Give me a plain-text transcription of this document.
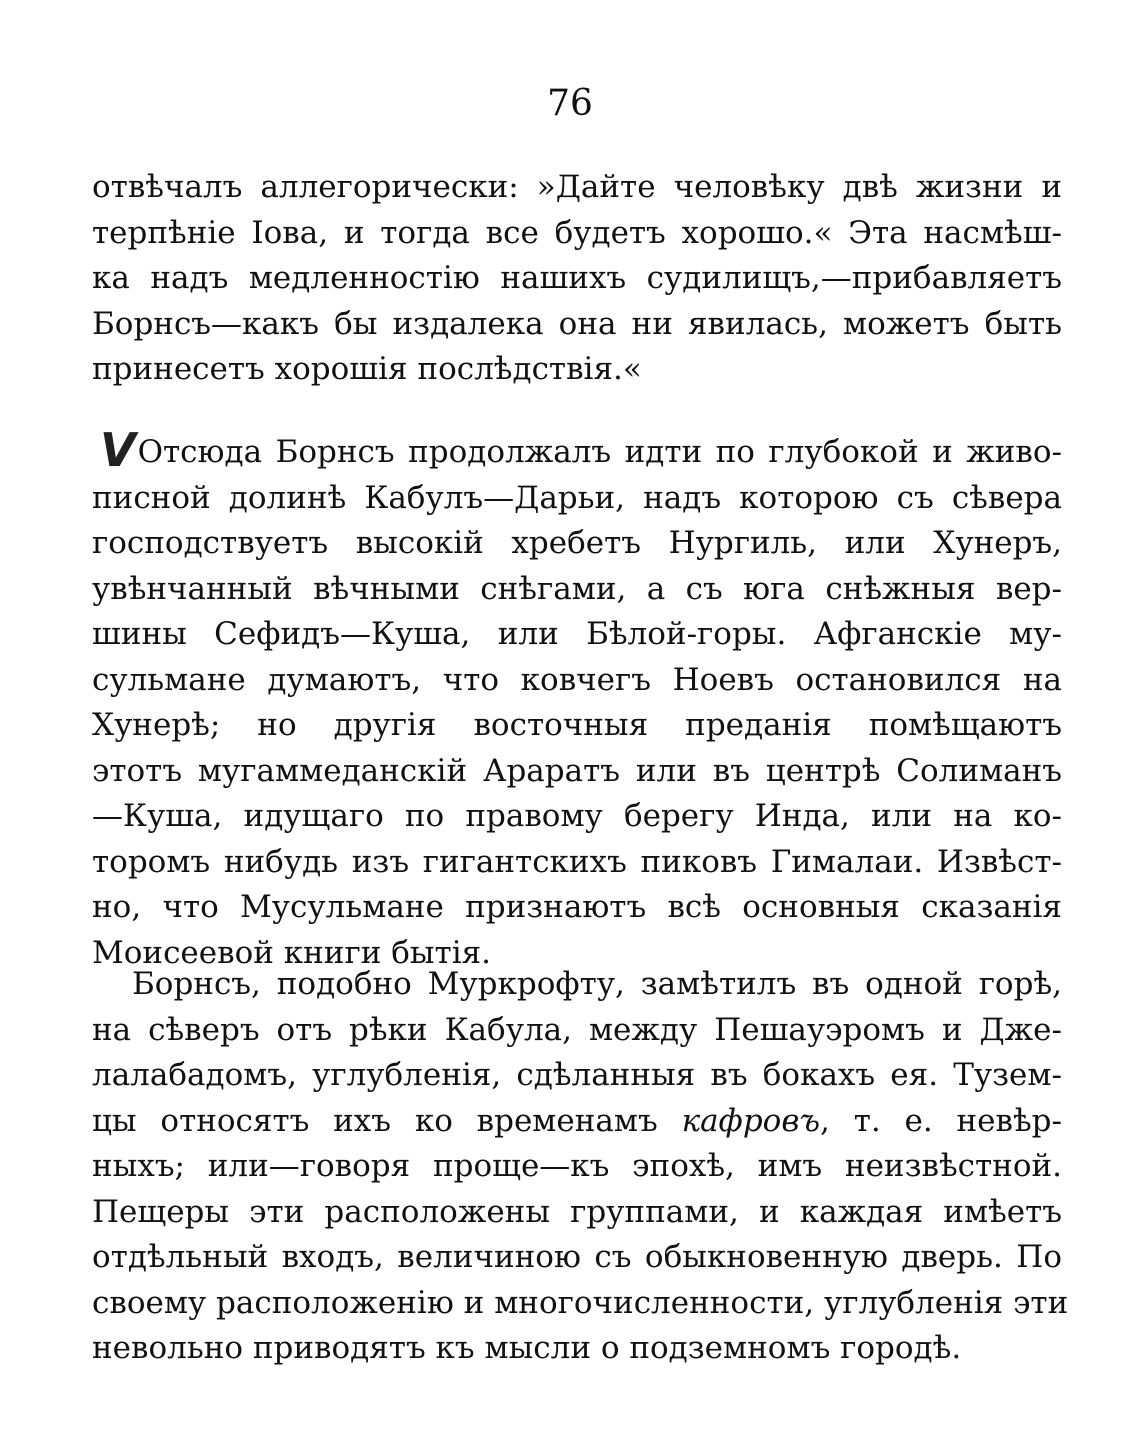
76
отвѣчалъ аллегорически: »Дайте человѣку двѣ жизни и
терпѣніе Іова, и тогда все будетъ хорошо.« Эта насмѣш-
ка надъ медленностію нашихъ судилищъ,—прибавляетъ
Борнсъ—какъ бы издалека она ни явилась, можетъ быть
принесетъ хорошія послѣдствія.«
VОтсюда Борнсъ продолжалъ идти по глубокой и живо-
писной долинѣ Кабулъ—Дарьи, надъ которою съ сѣвера
господствуетъ высокій хребетъ Нургиль, или Хунеръ,
увѣнчанный вѣчными снѣгами, а съ юга снѣжныя вер-
шины Сефидъ—Куша, или Бѣлой-горы. Афганскіе му-
сульмане думаютъ, что ковчегъ Ноевъ остановился на
Хунерѣ; но другія восточныя преданія помѣщаютъ
этотъ мугаммеданскій Араратъ или въ центрѣ Солиманъ
—Куша, идущаго по правому берегу Инда, или на ко-
торомъ нибудь изъ гигантскихъ пиковъ Гималаи. Извѣст-
но, что Мусульмане признаютъ всѣ основныя сказанія
Моисеевой книги бытія.
Борнсъ, подобно Муркрофту, замѣтилъ въ одной горѣ,
на сѣверъ отъ рѣки Кабула, между Пешауэромъ и Дже-
лалабадомъ, углубленія, сдѣланныя въ бокахъ ея. Тузем-
цы относятъ ихъ ко временамъ кафровъ, т. е. невѣр-
ныхъ; или—говоря проще—къ эпохѣ, имъ неизвѣстной.
Пещеры эти расположены группами, и каждая имѣетъ
отдѣльный входъ, величиною съ обыкновенную дверь. По
своему расположенію и многочисленности, углубленія эти
невольно приводятъ къ мысли о подземномъ городѣ.
